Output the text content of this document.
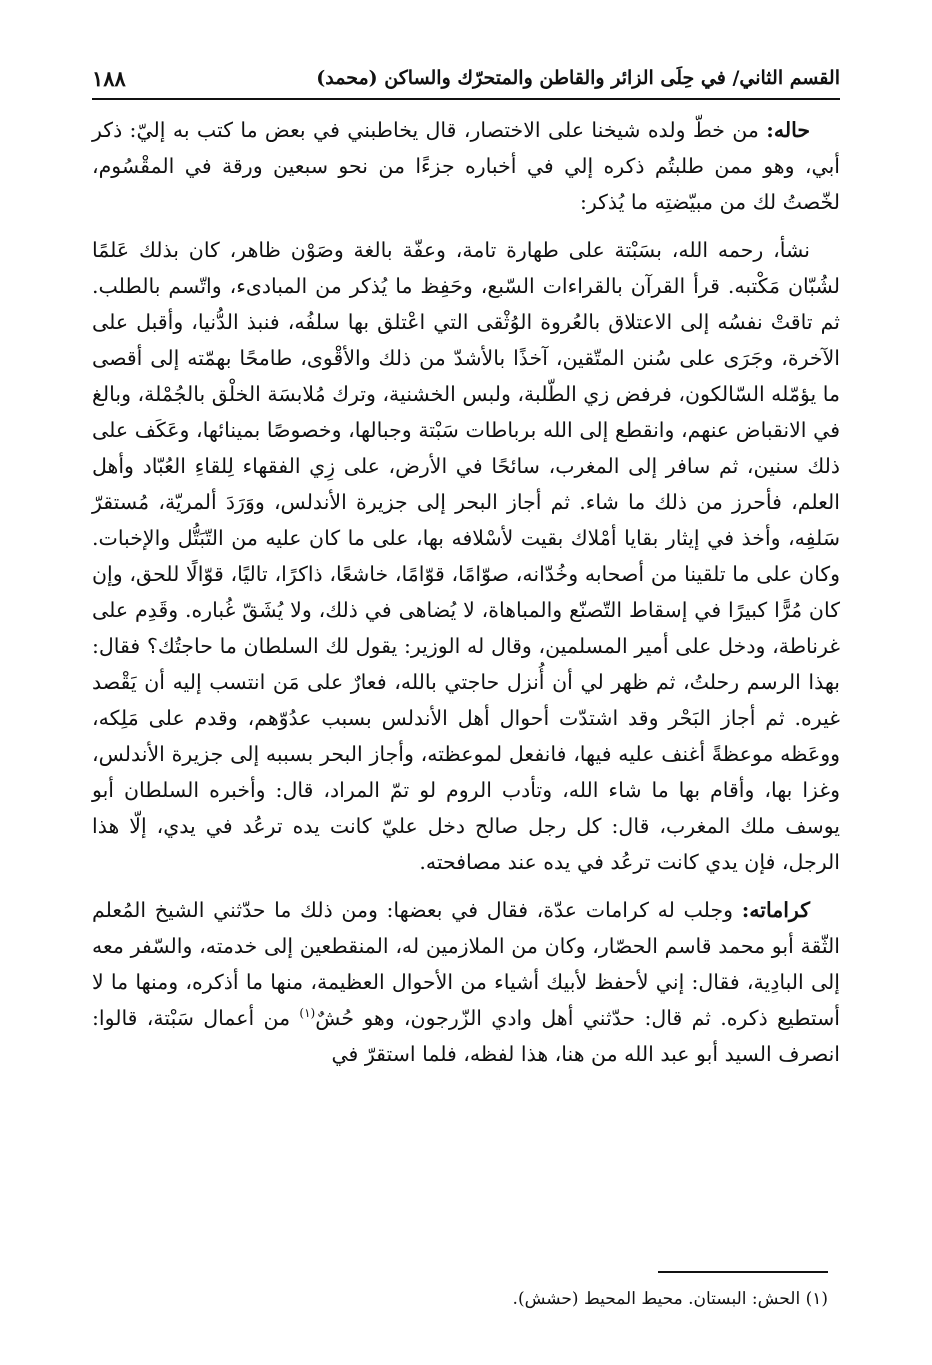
١٨٨	القسم الثاني/ في حِلَى الزائر والقاطن والمتحرّك والساكن (محمد)

حاله: من خطّ ولده شيخنا على الاختصار، قال يخاطبني في بعض ما كتب به إليّ: ذكر أبي، وهو ممن طلبتُم ذكره إلي في أخباره جزءًا من نحو سبعين ورقة في المقْسُوم، لخّصتُ لك من مبيّضتِه ما يُذكر:

نشأ، رحمه الله، بسَبْتة على طهارة تامة، وعفّة بالغة وصَوْن ظاهر، كان بذلك عَلمًا لشُبّان مَكْتبه. قرأ القرآن بالقراءات السّبع، وحَفِظ ما يُذكر من المبادىء، واتّسم بالطلب. ثم تاقتْ نفسُه إلى الاعتلاق بالعُروة الوُثْقى التي اعْتلق بها سلفُه، فنبذ الدُّنيا، وأقبل على الآخرة، وجَرَى على سُنن المتّقين، آخذًا بالأشدّ من ذلك والأقْوى، طامحًا بهمّته إلى أقصى ما يؤمّله السّالكون، فرفض زي الطّلبة، ولبس الخشنية، وترك مُلابسَة الخلْق بالجُمْلة، وبالغ في الانقباض عنهم، وانقطع إلى الله برباطات سَبْتة وجبالها، وخصوصًا بمينائها، وعَكَف على ذلك سنين، ثم سافر إلى المغرب، سائحًا في الأرض، على زِي الفقهاء لِلقاءِ العُبّاد وأهل العلم، فأحرز من ذلك ما شاء. ثم أجاز البحر إلى جزيرة الأندلس، ووَرَدَ ألمريّة، مُستقرّ سَلفِه، وأخذ في إيثار بقايا أمْلاك بقيت لأسْلافه بها، على ما كان عليه من التّبَتُّل والإخبات. وكان على ما تلقينا من أصحابه وخُدّانه، صوّامًا، قوّامًا، خاشعًا، ذاكرًا، تاليًا، قوّالًا للحق، وإن كان مُرًّا كبيرًا في إسقاط التّصنّع والمباهاة، لا يُضاهى في ذلك، ولا يُشَقّ غُباره. وقَدِم على غرناطة، ودخل على أمير المسلمين، وقال له الوزير: يقول لك السلطان ما حاجتُك؟ فقال: بهذا الرسم رحلتُ، ثم ظهر لي أن أُنزل حاجتي بالله، فعارٌ على مَن انتسب إليه أن يَقْصد غيره. ثم أجاز البَحْر وقد اشتدّت أحوال أهل الأندلس بسبب عدُوّهم، وقدم على مَلِكه، ووعَظه موعظةً أغنف عليه فيها، فانفعل لموعظته، وأجاز البحر بسببه إلى جزيرة الأندلس، وغزا بها، وأقام بها ما شاء الله، وتأدب الروم لو تمّ المراد، قال: وأخبره السلطان أبو يوسف ملك المغرب، قال: كل رجل صالح دخل عليّ كانت يده ترعُد في يدي، إلّا هذا الرجل، فإن يدي كانت ترعُد في يده عند مصافحته.

كراماته: وجلب له كرامات عدّة، فقال في بعضها: ومن ذلك ما حدّثني الشيخ المُعلم الثّقة أبو محمد قاسم الحصّار، وكان من الملازمين له، المنقطعين إلى خدمته، والسّفر معه إلى البادِية، فقال: إني لأحفظ لأبيك أشياء من الأحوال العظيمة، منها ما أذكره، ومنها ما لا أستطيع ذكره. ثم قال: حدّثني أهل وادي الزّرجون، وهو حُشٌ$^{(١)}$ من أعمال سَبْتة، قالوا: انصرف السيد أبو عبد الله من هنا، هذا لفظه، فلما استقرّ في

(١) الحش: البستان. محيط المحيط (حشش).
